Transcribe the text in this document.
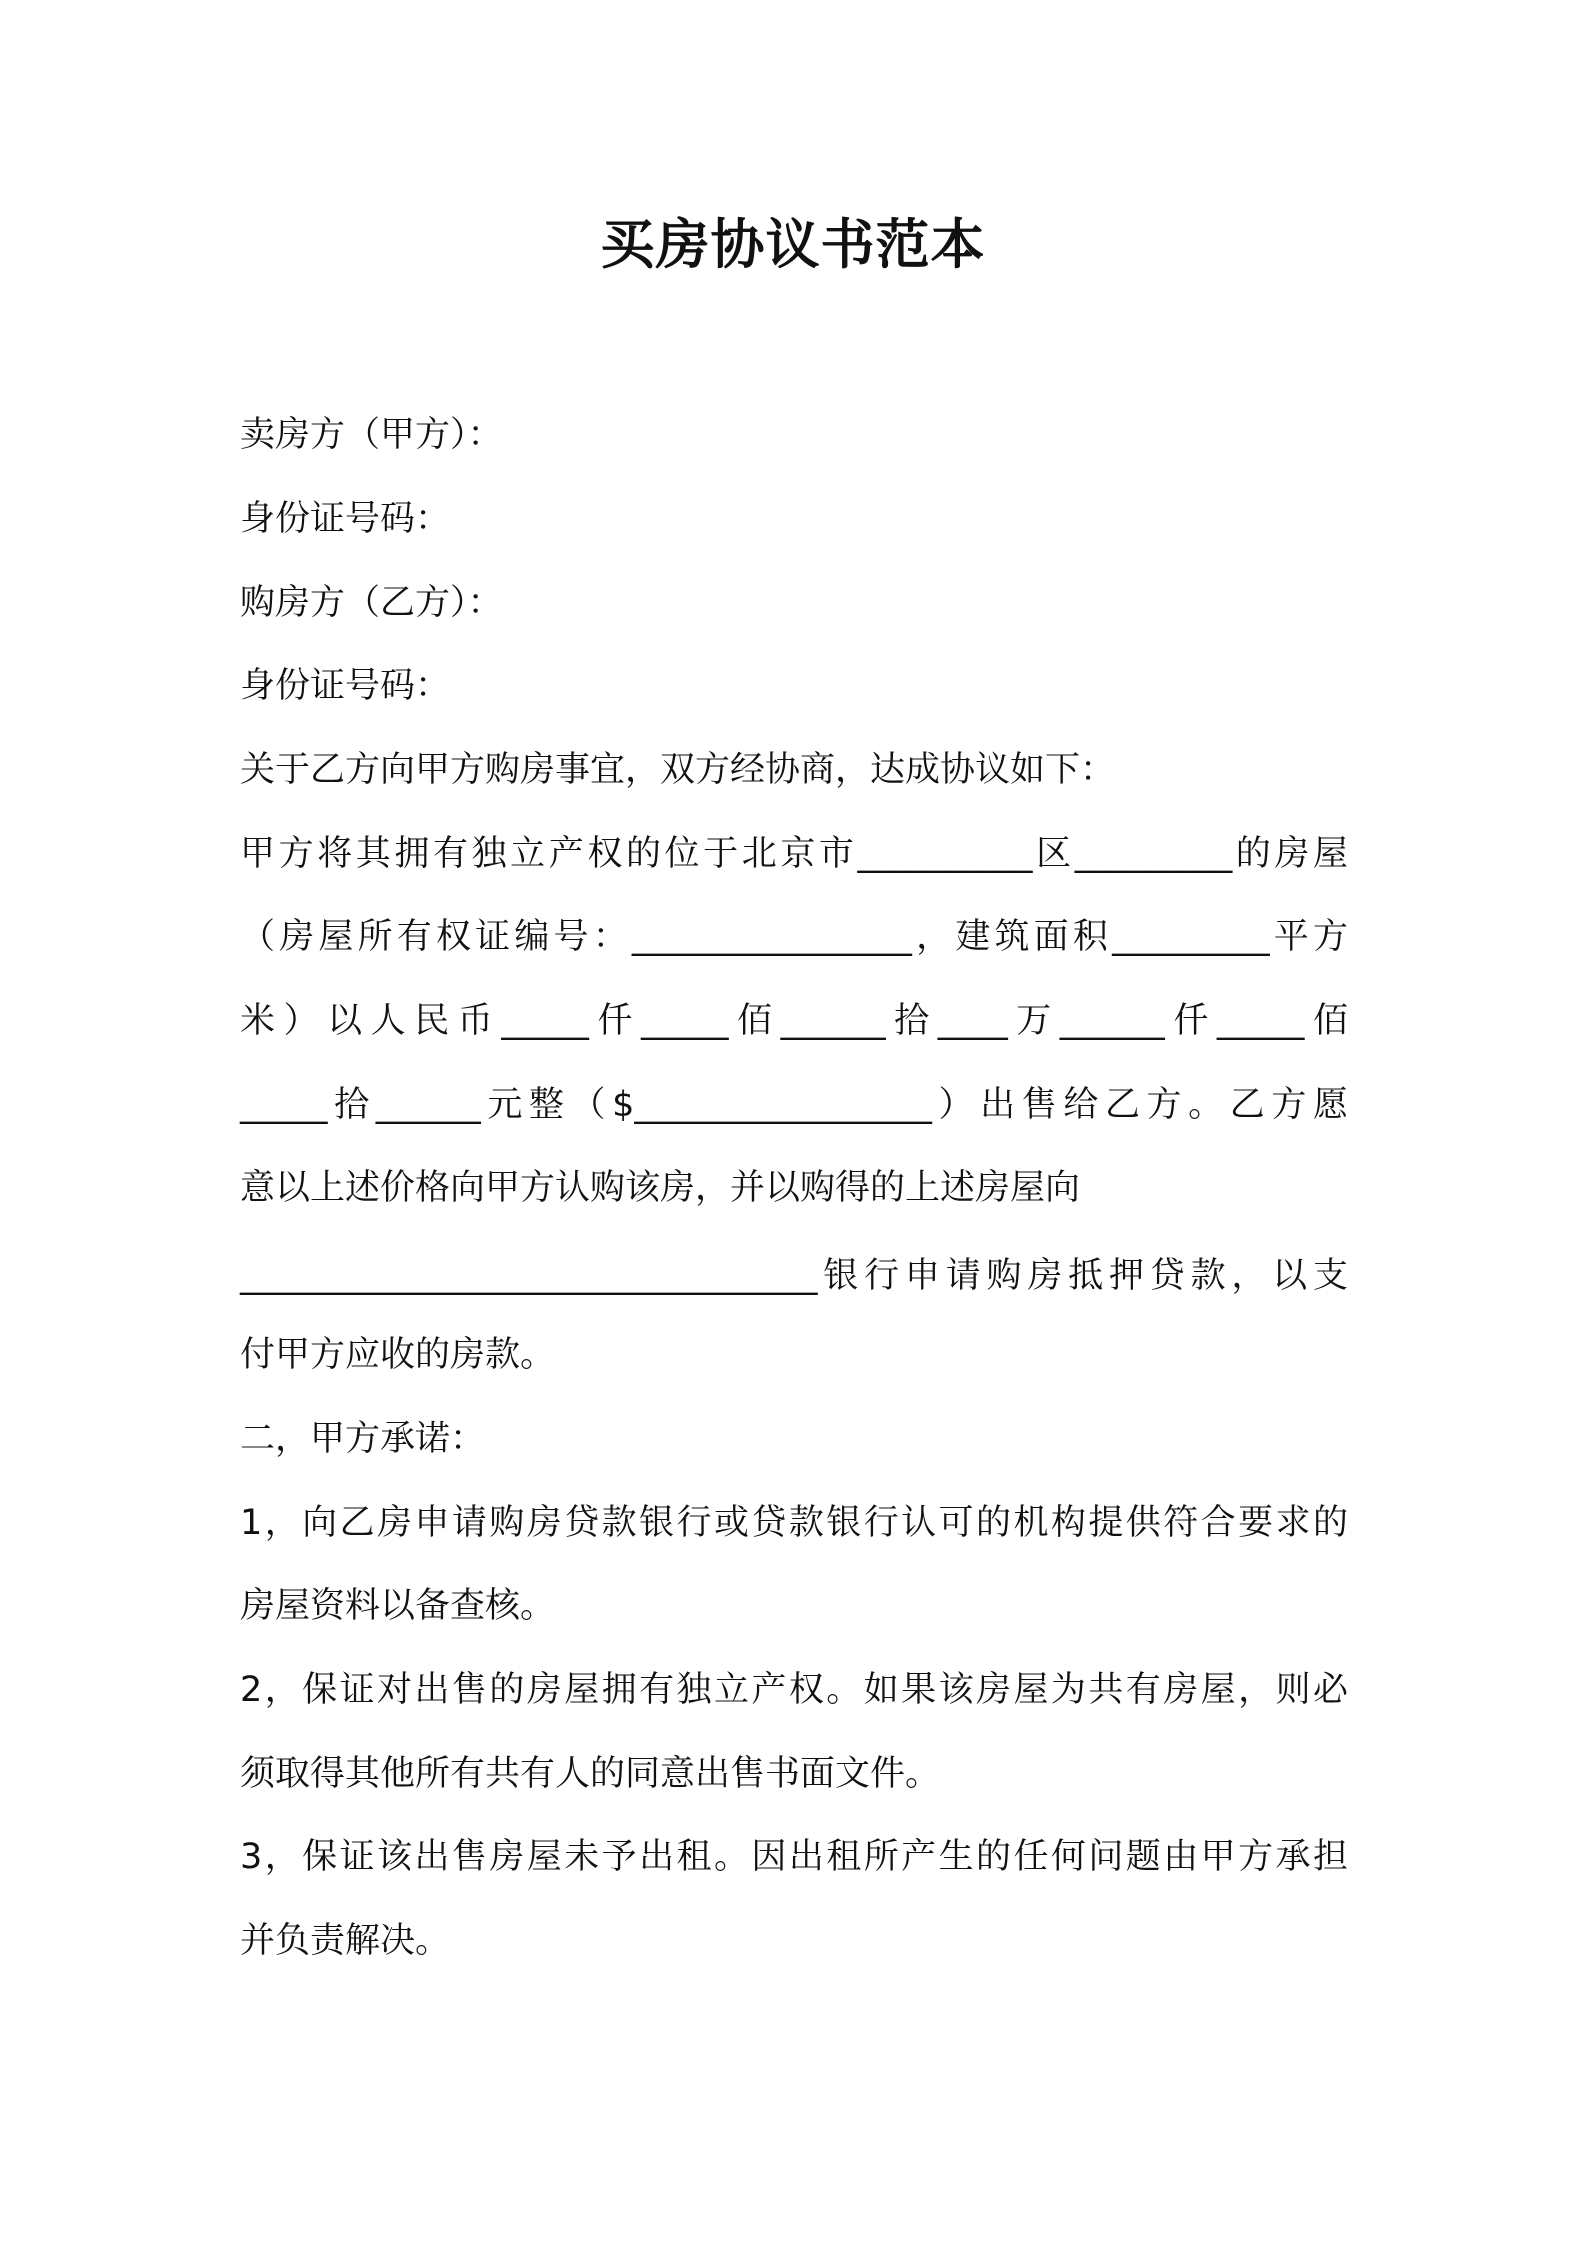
买房协议书范本
卖房方（甲方）：
身份证号码：
购房方（乙方）：
身份证号码：
关于乙方向甲方购房事宜，双方经协商，达成协议如下：
甲方将其拥有独立产权的位于北京市__________区_________的房屋
（房屋所有权证编号：________________，建筑面积_________平方
米）以人民币_____仟_____佰______拾____万______仟_____佰
_____拾______元整（$_________________）出售给乙方。乙方愿
意以上述价格向甲方认购该房，并以购得的上述房屋向
_________________________________银行申请购房抵押贷款，以支
付甲方应收的房款。
二，甲方承诺：
1，向乙房申请购房贷款银行或贷款银行认可的机构提供符合要求的
房屋资料以备查核。
2，保证对出售的房屋拥有独立产权。如果该房屋为共有房屋，则必
须取得其他所有共有人的同意出售书面文件。
3，保证该出售房屋未予出租。因出租所产生的任何问题由甲方承担
并负责解决。
